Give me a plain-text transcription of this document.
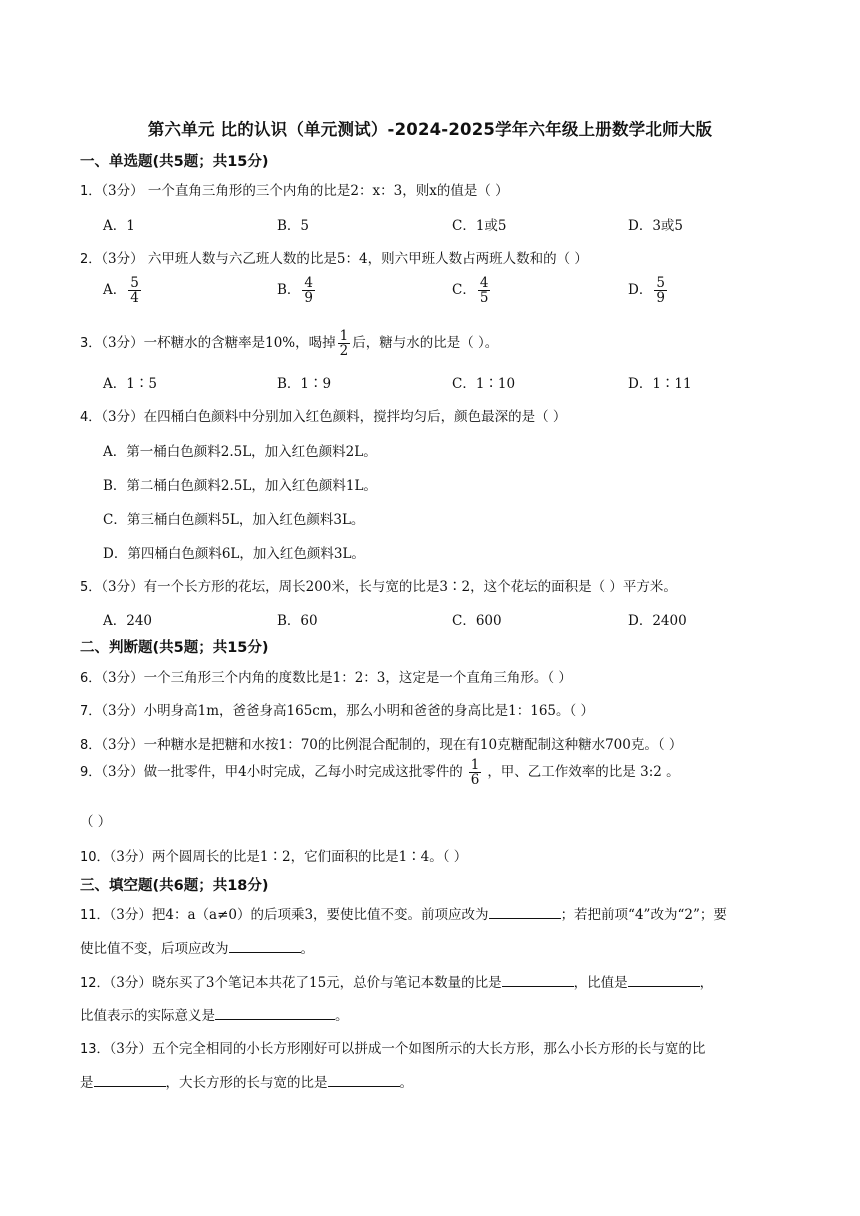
第六单元 比的认识（单元测试）-2024-2025学年六年级上册数学北师大版
一、单选题(共5题；共15分)
1．（3分） 一个直角三角形的三个内角的比是2：x：3，则x的值是（ ）
A．1	B．5	C．1或5	D．3或5
2．（3分） 六甲班人数与六乙班人数的比是5：4，则六甲班人数占两班人数和的（ ）
A． $\frac{5}{4}$	B． $\frac{4}{9}$	C． $\frac{4}{5}$	D． $\frac{5}{9}$
3．（3分）一杯糖水的含糖率是10%，喝掉 $\frac{1}{2}$ 后，糖与水的比是（ ）。
A．1∶5	B．1∶9	C．1∶10	D．1∶11
4．（3分）在四桶白色颜料中分别加入红色颜料，搅拌均匀后，颜色最深的是（ ）
A．第一桶白色颜料2.5L，加入红色颜料2L。
B．第二桶白色颜料2.5L，加入红色颜料1L。
C．第三桶白色颜料5L，加入红色颜料3L。
D．第四桶白色颜料6L，加入红色颜料3L。
5．（3分）有一个长方形的花坛，周长200米，长与宽的比是3∶2，这个花坛的面积是（ ）平方米。
A．240	B．60	C．600	D．2400
二、判断题(共5题；共15分)
6．（3分）一个三角形三个内角的度数比是1：2：3，这定是一个直角三角形。（ ）
7．（3分）小明身高1m，爸爸身高165cm，那么小明和爸爸的身高比是1：165。（ ）
8．（3分）一种糖水是把糖和水按1：70的比例混合配制的，现在有10克糖配制这种糖水700克。（ ）
9．（3分）做一批零件，甲4小时完成，乙每小时完成这批零件的 $\frac{1}{6}$ ，甲、乙工作效率的比是 3:2 。
（ ）
10．（3分）两个圆周长的比是1∶2，它们面积的比是1∶4。（ ）
三、填空题(共6题；共18分)
11．（3分）把4：a（a≠0）的后项乘3，要使比值不变。前项应改为	；若把前项“4”改为“2”；要
使比值不变，后项应改为	。
12．（3分）晓东买了3个笔记本共花了15元，总价与笔记本数量的比是	，比值是	，
比值表示的实际意义是	。
13．（3分）五个完全相同的小长方形刚好可以拼成一个如图所示的大长方形，那么小长方形的长与宽的比
是	，大长方形的长与宽的比是	。
